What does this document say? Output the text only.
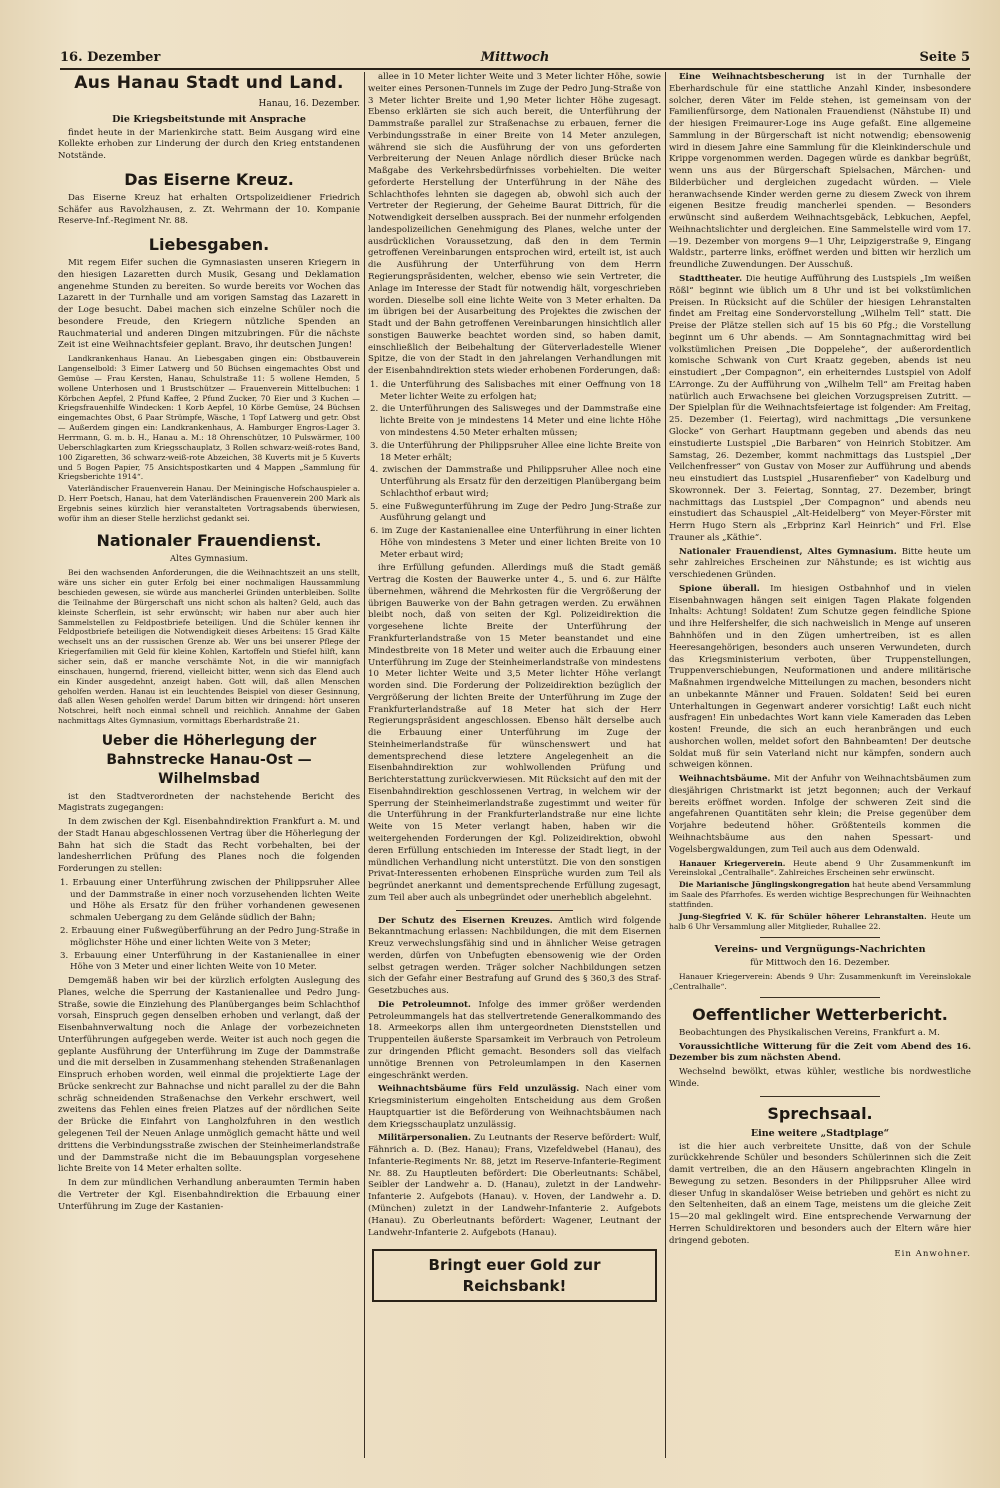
16. Dezember	Mittwoch	Seite 5
Aus Hanau Stadt und Land.
Hanau, 16. Dezember.
Die Kriegsbeitstunde mit Ansprache

findet heute in der Marienkirche statt. Beim Ausgang wird eine Kollekte erhoben zur Linderung der durch den Krieg entstandenen Notstände.

Das Eiserne Kreuz.

Das Eiserne Kreuz hat erhalten Ortspolizeidiener Friedrich Schäfer aus Ravolzhausen, z. Zt. Wehrmann der 10. Kompanie Reserve-Inf.-Regiment Nr. 88.

Liebesgaben.

Mit regem Eifer suchen die Gymnasiasten unseren Kriegern in den hiesigen Lazaretten durch Musik, Gesang und Deklamation angenehme Stunden zu bereiten. So wurde bereits vor Wochen das Lazarett in der Turnhalle und am vorigen Samstag das Lazarett in der Loge besucht. Dabei machen sich einzelne Schüler noch die besondere Freude, den Kriegern nützliche Spenden an Rauchmaterial und anderen Dingen mitzubringen. Für die nächste Zeit ist eine Weihnachtsfeier geplant. Bravo, ihr deutschen Jungen!

Landkrankenhaus Hanau. An Liebesgaben gingen ein: Obstbauverein Langenselbold: 3 Eimer Latwerg und 50 Büchsen eingemachtes Obst und Gemüse — Frau Kersten, Hanau, Schulstraße 11: 5 wollene Hemden, 5 wollene Unterhosen und 1 Brustschützer — Frauenverein Mittelbuchen: 1 Körbchen Aepfel, 2 Pfund Kaffee, 2 Pfund Zucker, 70 Eier und 3 Kuchen — Kriegsfrauenhilfe Windecken: 1 Korb Aepfel, 10 Körbe Gemüse, 24 Büchsen eingemachtes Obst, 6 Paar Strümpfe, Wäsche, 1 Topf Latwerg und getr. Obst — Außerdem gingen ein: Landkrankenhaus, A. Hamburger Engros-Lager 3. Herrmann, G. m. b. H., Hanau a. M.: 18 Ohrenschützer, 10 Pulswärmer, 100 Ueberschlagkarten zum Kriegsschauplatz, 3 Rollen schwarz-weiß-rotes Band, 100 Zigaretten, 36 schwarz-weiß-rote Abzeichen, 38 Kuverts mit je 5 Kuverts und 5 Bogen Papier, 75 Ansichtspostkarten und 4 Mappen „Sammlung für Kriegsberichte 1914“.

Vaterländischer Frauenverein Hanau. Der Meiningische Hofschauspieler a. D. Herr Poetsch, Hanau, hat dem Vaterländischen Frauenverein 200 Mark als Ergebnis seines kürzlich hier veranstalteten Vortragsabends überwiesen, wofür ihm an dieser Stelle herzlichst gedankt sei.

Nationaler Frauendienst.
Altes Gymnasium.

Bei den wachsenden Anforderungen, die die Weihnachtszeit an uns stellt, wäre uns sicher ein guter Erfolg bei einer nochmaligen Haussammlung beschieden gewesen, sie würde aus mancherlei Gründen unterbleiben. Sollte die Teilnahme der Bürgerschaft uns nicht schon als halten? Geld, auch das kleinste Scherflein, ist sehr erwünscht; wir haben nur aber auch hier Sammelstellen zu Feldpostbriefe beteiligen. Und die Schüler kennen ihr Feldpostbriefe beteiligen die Notwendigkeit dieses Arbeitens: 15 Grad Kälte wechselt uns an der russischen Grenze ab. Wer uns bei unserer Pflege der Kriegerfamilien mit Geld für kleine Kohlen, Kartoffeln und Stiefel hilft, kann sicher sein, daß er manche verschämte Not, in die wir mannigfach einschauen, hungernd, frierend, vielleicht bitter, wenn sich das Elend auch ein Kinder ausgedehnt, anzeigt haben. Gott will, daß allen Menschen geholfen werden. Hanau ist ein leuchtendes Beispiel von dieser Gesinnung, daß allen Wesen geholfen werde! Darum bitten wir dringend: hört unseren Notschrei, helft noch einmal schnell und reichlich. Annahme der Gaben nachmittags Altes Gymnasium, vormittags Eberhardstraße 21.

Ueber die Höherlegung der Bahnstrecke Hanau-Ost — Wilhelmsbad

ist den Stadtverordneten der nachstehende Bericht des Magistrats zugegangen:

In dem zwischen der Kgl. Eisenbahndirektion Frankfurt a. M. und der Stadt Hanau abgeschlossenen Vertrag über die Höherlegung der Bahn hat sich die Stadt das Recht vorbehalten, bei der landesherrlichen Prüfung des Planes noch die folgenden Forderungen zu stellen:

1. Erbauung einer Unterführung zwischen der Philippsruher Allee und der Dammstraße in einer noch vorzusehenden lichten Weite und Höhe als Ersatz für den früher vorhandenen gewesenen schmalen Uebergang zu dem Gelände südlich der Bahn;
2. Erbauung einer Fußwegüberführung an der Pedro Jung-Straße in möglichster Höhe und einer lichten Weite von 3 Meter;
3. Erbauung einer Unterführung in der Kastanienallee in einer Höhe von 3 Meter und einer lichten Weite von 10 Meter.

Demgemäß haben wir bei der kürzlich erfolgten Auslegung des Planes, welche die Sperrung der Kastanienallee und Pedro Jung-Straße, sowie die Einziehung des Planüberganges beim Schlachthof vorsah, Einspruch gegen denselben erhoben und verlangt, daß der Eisenbahnverwaltung noch die Anlage der vorbezeichneten Unterführungen aufgegeben werde. Weiter ist auch noch gegen die geplante Ausführung der Unterführung im Zuge der Dammstraße und die mit derselben in Zusammenhang stehenden Straßenanlagen Einspruch erhoben worden, weil einmal die projektierte Lage der Brücke senkrecht zur Bahnachse und nicht parallel zu der die Bahn schräg schneidenden Straßenachse den Verkehr erschwert, weil zweitens das Fehlen eines freien Platzes auf der nördlichen Seite der Brücke die Einfahrt von Langholzfuhren in den westlich gelegenen Teil der Neuen Anlage unmöglich gemacht hätte und weil drittens die Verbindungsstraße zwischen der Steinheimerlandstraße und der Dammstraße nicht die im Bebauungsplan vorgesehene lichte Breite von 14 Meter erhalten sollte.

In dem zur mündlichen Verhandlung anberaumten Termin haben die Vertreter der Kgl. Eisenbahndirektion die Erbauung einer Unterführung im Zuge der Kastanien-

allee in 10 Meter lichter Weite und 3 Meter lichter Höhe, sowie weiter eines Personen-Tunnels im Zuge der Pedro Jung-Straße von 3 Meter lichter Breite und 1,90 Meter lichter Höhe zugesagt. Ebenso erklärten sie sich auch bereit, die Unterführung der Dammstraße parallel zur Straßenachse zu erbauen, ferner die Verbindungsstraße in einer Breite von 14 Meter anzulegen, während sie sich die Ausführung der von uns geforderten Verbreiterung der Neuen Anlage nördlich dieser Brücke nach Maßgabe des Verkehrsbedürfnisses vorbehielten. Die weiter geforderte Herstellung der Unterführung in der Nähe des Schlachthofes lehnten sie dagegen ab, obwohl sich auch der Vertreter der Regierung, der Geheime Baurat Dittrich, für die Notwendigkeit derselben aussprach. Bei der nunmehr erfolgenden landespolizeilichen Genehmigung des Planes, welche unter der ausdrücklichen Voraussetzung, daß den in dem Termin getroffenen Vereinbarungen entsprochen wird, erteilt ist, ist auch die Ausführung der Unterführung von dem Herrn Regierungspräsidenten, welcher, ebenso wie sein Vertreter, die Anlage im Interesse der Stadt für notwendig hält, vorgeschrieben worden. Dieselbe soll eine lichte Weite von 3 Meter erhalten. Da im übrigen bei der Ausarbeitung des Projektes die zwischen der Stadt und der Bahn getroffenen Vereinbarungen hinsichtlich aller sonstigen Bauwerke beachtet worden sind, so haben damit, einschließlich der Beibehaltung der Güterverladestelle Wiener Spitze, die von der Stadt in den jahrelangen Verhandlungen mit der Eisenbahndirektion stets wieder erhobenen Forderungen, daß:

1. die Unterführung des Salisbaches mit einer Oeffnung von 18 Meter lichter Weite zu erfolgen hat;
2. die Unterführungen des Salisweges und der Dammstraße eine lichte Breite von je mindestens 14 Meter und eine lichte Höhe von mindestens 4.50 Meter erhalten müssen;
3. die Unterführung der Philippsruher Allee eine lichte Breite von 18 Meter erhält;
4. zwischen der Dammstraße und Philippsruher Allee noch eine Unterführung als Ersatz für den derzeitigen Planübergang beim Schlachthof erbaut wird;
5. eine Fußwegunterführung im Zuge der Pedro Jung-Straße zur Ausführung gelangt und
6. im Zuge der Kastanienallee eine Unterführung in einer lichten Höhe von mindestens 3 Meter und einer lichten Breite von 10 Meter erbaut wird;

ihre Erfüllung gefunden. Allerdings muß die Stadt gemäß Vertrag die Kosten der Bauwerke unter 4., 5. und 6. zur Hälfte übernehmen, während die Mehrkosten für die Vergrößerung der übrigen Bauwerke von der Bahn getragen werden. Zu erwähnen bleibt noch, daß von seiten der Kgl. Polizeidirektion die vorgesehene lichte Breite der Unterführung der Frankfurterlandstraße von 15 Meter beanstandet und eine Mindestbreite von 18 Meter und weiter auch die Erbauung einer Unterführung im Zuge der Steinheimerlandstraße von mindestens 10 Meter lichter Weite und 3,5 Meter lichter Höhe verlangt worden sind. Die Forderung der Polizeidirektion bezüglich der Vergrößerung der lichten Breite der Unterführung im Zuge der Frankfurterlandstraße auf 18 Meter hat sich der Herr Regierungspräsident angeschlossen. Ebenso hält derselbe auch die Erbauung einer Unterführung im Zuge der Steinheimerlandstraße für wünschenswert und hat dementsprechend diese letztere Angelegenheit an die Eisenbahndirektion zur wohlwollenden Prüfung und Berichterstattung zurückverwiesen. Mit Rücksicht auf den mit der Eisenbahndirektion geschlossenen Vertrag, in welchem wir der Sperrung der Steinheimerlandstraße zugestimmt und weiter für die Unterführung in der Frankfurterlandstraße nur eine lichte Weite von 15 Meter verlangt haben, haben wir die weitergehenden Forderungen der Kgl. Polizeidirektion, obwohl deren Erfüllung entschieden im Interesse der Stadt liegt, in der mündlichen Verhandlung nicht unterstützt. Die von den sonstigen Privat-Interessenten erhobenen Einsprüche wurden zum Teil als begründet anerkannt und dementsprechende Erfüllung zugesagt, zum Teil aber auch als unbegründet oder unerheblich abgelehnt.

Der Schutz des Eisernen Kreuzes. Amtlich wird folgende Bekanntmachung erlassen: Nachbildungen, die mit dem Eisernen Kreuz verwechslungsfähig sind und in ähnlicher Weise getragen werden, dürfen von Unbefugten ebensowenig wie der Orden selbst getragen werden. Träger solcher Nachbildungen setzen sich der Gefahr einer Bestrafung auf Grund des § 360,3 des Straf-Gesetzbuches aus.

Die Petroleumnot. Infolge des immer größer werdenden Petroleummangels hat das stellvertretende Generalkommando des 18. Armeekorps allen ihm untergeordneten Dienststellen und Truppenteilen äußerste Sparsamkeit im Verbrauch von Petroleum zur dringenden Pflicht gemacht. Besonders soll das vielfach unnötige Brennen von Petroleumlampen in den Kasernen eingeschränkt werden.

Weihnachtsbäume fürs Feld unzulässig. Nach einer vom Kriegsministerium eingeholten Entscheidung aus dem Großen Hauptquartier ist die Beförderung von Weihnachtsbäumen nach dem Kriegsschauplatz unzulässig.

Militärpersonalien. Zu Leutnants der Reserve befördert: Wulf, Fähnrich a. D. (Bez. Hanau); Frans, Vizefeldwebel (Hanau), des Infanterie-Regiments Nr. 88, jetzt im Reserve-Infanterie-Regiment Nr. 88. Zu Hauptleuten befördert: Die Oberleutnants: Schäbel, Seibler der Landwehr a. D. (Hanau), zuletzt in der Landwehr-Infanterie 2. Aufgebots (Hanau). v. Hoven, der Landwehr a. D. (München) zuletzt in der Landwehr-Infanterie 2. Aufgebots (Hanau). Zu Oberleutnants befördert: Wagener, Leutnant der Landwehr-Infanterie 2. Aufgebots (Hanau).

Bringt euer Gold zur Reichsbank!

Eine Weihnachtsbescherung ist in der Turnhalle der Eberhardschule für eine stattliche Anzahl Kinder, insbesondere solcher, deren Väter im Felde stehen, ist gemeinsam von der Familienfürsorge, dem Nationalen Frauendienst (Nähstube II) und der hiesigen Freimaurer-Loge ins Auge gefaßt. Eine allgemeine Sammlung in der Bürgerschaft ist nicht notwendig; ebensowenig wird in diesem Jahre eine Sammlung für die Kleinkinderschule und Krippe vorgenommen werden. Dagegen würde es dankbar begrüßt, wenn uns aus der Bürgerschaft Spielsachen, Märchen- und Bilderbücher und dergleichen zugedacht würden. — Viele heranwachsende Kinder werden gerne zu diesem Zweck von ihrem eigenen Besitze freudig mancherlei spenden. — Besonders erwünscht sind außerdem Weihnachtsgebäck, Lebkuchen, Aepfel, Weihnachtslichter und dergleichen. Eine Sammelstelle wird vom 17.—19. Dezember von morgens 9—1 Uhr, Leipzigerstraße 9, Eingang Waldstr., parterre links, eröffnet werden und bitten wir herzlich um freundliche Zuwendungen. Der Ausschuß.

Stadttheater. Die heutige Aufführung des Lustspiels „Im weißen Rößl“ beginnt wie üblich um 8 Uhr und ist bei volkstümlichen Preisen. In Rücksicht auf die Schüler der hiesigen Lehranstalten findet am Freitag eine Sondervorstellung „Wilhelm Tell“ statt. Die Preise der Plätze stellen sich auf 15 bis 60 Pfg.; die Vorstellung beginnt um 6 Uhr abends. — Am Sonntagnachmittag wird bei volkstümlichen Preisen „Die Doppelehe“, der außerordentlich komische Schwank von Curt Kraatz gegeben, abends ist neu einstudiert „Der Compagnon“, ein erheiterndes Lustspiel von Adolf L’Arronge. Zu der Aufführung von „Wilhelm Tell“ am Freitag haben natürlich auch Erwachsene bei gleichen Vorzugspreisen Zutritt. — Der Spielplan für die Weihnachtsfeiertage ist folgender: Am Freitag, 25. Dezember (1. Feiertag), wird nachmittags „Die versunkene Glocke“ von Gerhart Hauptmann gegeben und abends das neu einstudierte Lustspiel „Die Barbaren“ von Heinrich Stobitzer. Am Samstag, 26. Dezember, kommt nachmittags das Lustspiel „Der Veilchenfresser“ von Gustav von Moser zur Aufführung und abends neu einstudiert das Lustspiel „Husarenfieber“ von Kadelburg und Skowronnek. Der 3. Feiertag, Sonntag, 27. Dezember, bringt nachmittags das Lustspiel „Der Compagnon“ und abends neu einstudiert das Schauspiel „Alt-Heidelberg“ von Meyer-Förster mit Herrn Hugo Stern als „Erbprinz Karl Heinrich“ und Frl. Else Trauner als „Käthie“.

Nationaler Frauendienst, Altes Gymnasium. Bitte heute um sehr zahlreiches Erscheinen zur Nähstunde; es ist wichtig aus verschiedenen Gründen.

Spione überall. Im hiesigen Ostbahnhof und in vielen Eisenbahnwagen hängen seit einigen Tagen Plakate folgenden Inhalts: Achtung! Soldaten! Zum Schutze gegen feindliche Spione und ihre Helfershelfer, die sich nachweislich in Menge auf unseren Bahnhöfen und in den Zügen umhertreiben, ist es allen Heeresangehörigen, besonders auch unseren Verwundeten, durch das Kriegsministerium verboten, über Truppenstellungen, Truppenverschiebungen, Neuformationen und andere militärische Maßnahmen irgendwelche Mitteilungen zu machen, besonders nicht an unbekannte Männer und Frauen. Soldaten! Seid bei euren Unterhaltungen in Gegenwart anderer vorsichtig! Laßt euch nicht ausfragen! Ein unbedachtes Wort kann viele Kameraden das Leben kosten! Freunde, die sich an euch heranbrängen und euch aushorchen wollen, meldet sofort den Bahnbeamten! Der deutsche Soldat muß für sein Vaterland nicht nur kämpfen, sondern auch schweigen können.

Weihnachtsbäume. Mit der Anfuhr von Weihnachtsbäumen zum diesjährigen Christmarkt ist jetzt begonnen; auch der Verkauf bereits eröffnet worden. Infolge der schweren Zeit sind die angefahrenen Quantitäten sehr klein; die Preise gegenüber dem Vorjahre bedeutend höher. Größtenteils kommen die Weihnachtsbäume aus den nahen Spessart- und Vogelsbergwaldungen, zum Teil auch aus dem Odenwald.

Hanauer Kriegerverein. Heute abend 9 Uhr Zusammenkunft im Vereinslokal „Centralhalle“. Zahlreiches Erscheinen sehr erwünscht.

Die Marianische Jünglingskongregation hat heute abend Versammlung im Saale des Pfarrhofes. Es werden wichtige Besprechungen für Weihnachten stattfinden.

Jung-Siegfried V. K. für Schüler höherer Lehranstalten. Heute um halb 6 Uhr Versammlung aller Mitglieder, Ruhallee 22.

Vereins- und Vergnügungs-Nachrichten
für Mittwoch den 16. Dezember.

Hanauer Kriegerverein: Abends 9 Uhr: Zusammenkunft im Vereinslokale „Centralhalle“.

Oeffentlicher Wetterbericht.

Beobachtungen des Physikalischen Vereins, Frankfurt a. M.

Voraussichtliche Witterung für die Zeit vom Abend des 16. Dezember bis zum nächsten Abend.

Wechselnd bewölkt, etwas kühler, westliche bis nordwestliche Winde.

Sprechsaal.
Eine weitere „Stadtplage“

ist die hier auch verbreitete Unsitte, daß von der Schule zurückkehrende Schüler und besonders Schülerinnen sich die Zeit damit vertreiben, die an den Häusern angebrachten Klingeln in Bewegung zu setzen. Besonders in der Philippsruher Allee wird dieser Unfug in skandalöser Weise betrieben und gehört es nicht zu den Seltenheiten, daß an einem Tage, meistens um die gleiche Zeit 15—20 mal geklingelt wird. Eine entsprechende Verwarnung der Herren Schuldirektoren und besonders auch der Eltern wäre hier dringend geboten.

Ein Anwohner.
